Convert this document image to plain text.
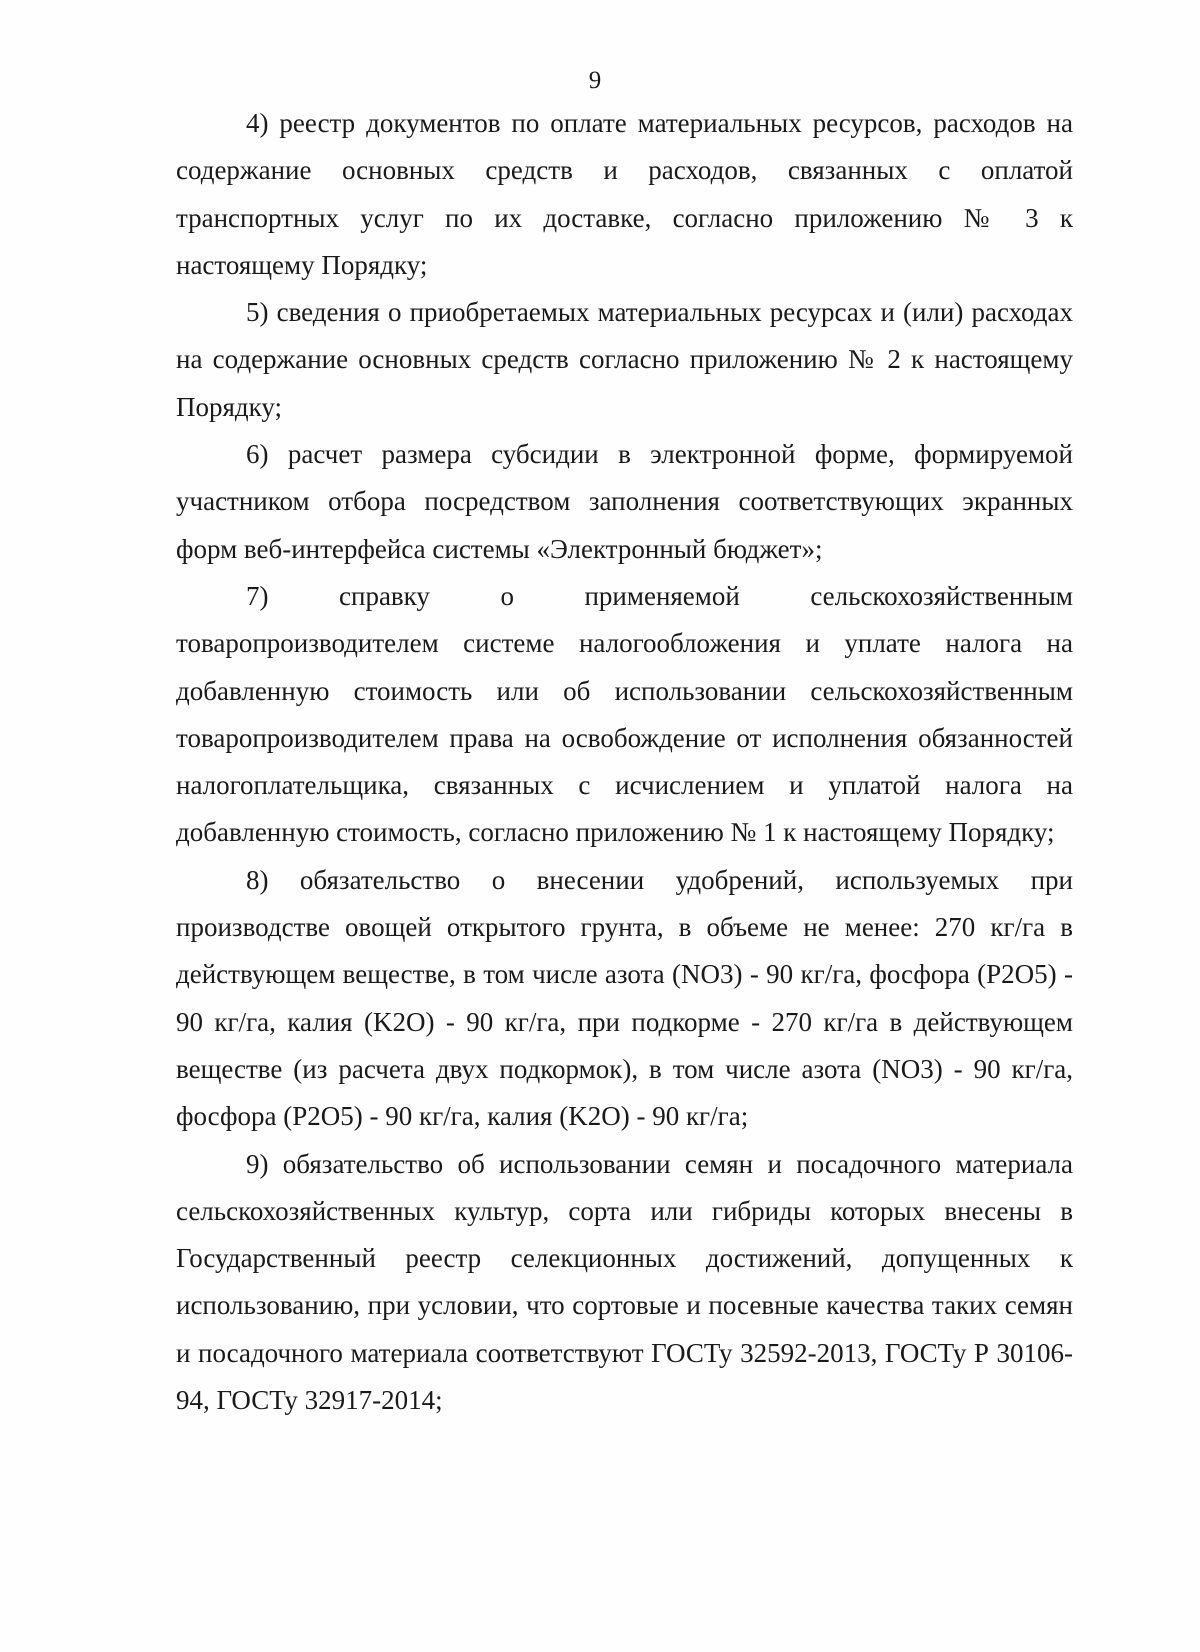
9

4) реестр документов по оплате материальных ресурсов, расходов на содержание основных средств и расходов, связанных с оплатой транспортных услуг по их доставке, согласно приложению № 3 к настоящему Порядку;

5) сведения о приобретаемых материальных ресурсах и (или) расходах на содержание основных средств согласно приложению № 2 к настоящему Порядку;

6) расчет размера субсидии в электронной форме, формируемой участником отбора посредством заполнения соответствующих экранных форм веб-интерфейса системы «Электронный бюджет»;

7) справку о применяемой сельскохозяйственным товаропроизводителем системе налогообложения и уплате налога на добавленную стоимость или об использовании сельскохозяйственным товаропроизводителем права на освобождение от исполнения обязанностей налогоплательщика, связанных с исчислением и уплатой налога на добавленную стоимость, согласно приложению № 1 к настоящему Порядку;

8) обязательство о внесении удобрений, используемых при производстве овощей открытого грунта, в объеме не менее: 270 кг/га в действующем веществе, в том числе азота (NO3) - 90 кг/га, фосфора (P2O5) - 90 кг/га, калия (K2O) - 90 кг/га, при подкорме - 270 кг/га в действующем веществе (из расчета двух подкормок), в том числе азота (NO3) - 90 кг/га, фосфора (P2O5) - 90 кг/га, калия (K2O) - 90 кг/га;

9) обязательство об использовании семян и посадочного материала сельскохозяйственных культур, сорта или гибриды которых внесены в Государственный реестр селекционных достижений, допущенных к использованию, при условии, что сортовые и посевные качества таких семян и посадочного материала соответствуют ГОСТу 32592-2013, ГОСТу Р 30106-94, ГОСТу 32917-2014;
